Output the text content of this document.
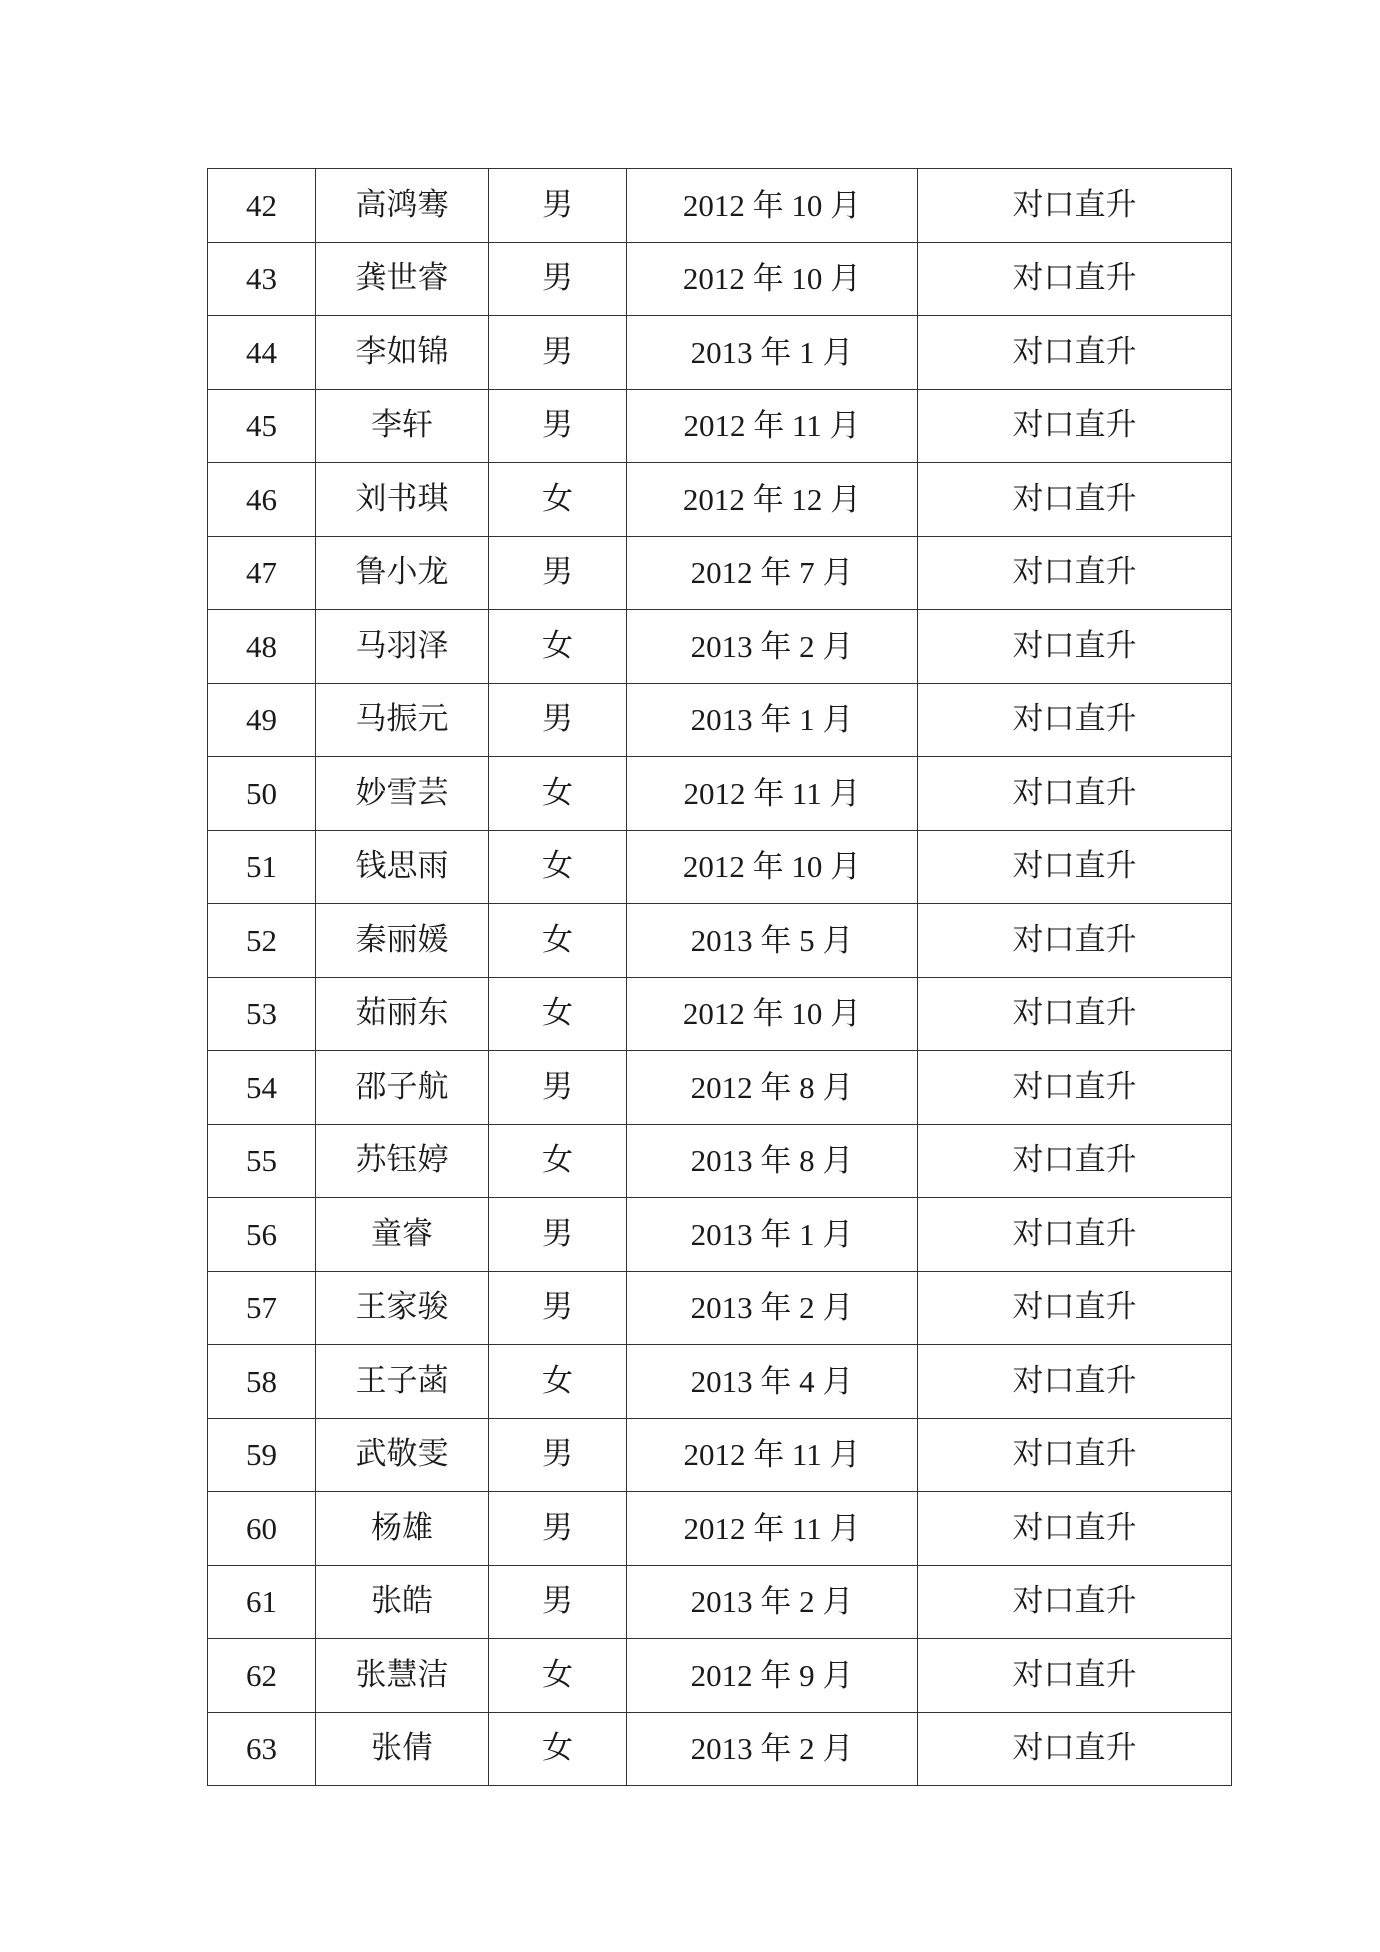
42	高鸿骞	男	2012 年 10 月	对口直升
43	龚世睿	男	2012 年 10 月	对口直升
44	李如锦	男	2013 年 1 月	对口直升
45	李轩	男	2012 年 11 月	对口直升
46	刘书琪	女	2012 年 12 月	对口直升
47	鲁小龙	男	2012 年 7 月	对口直升
48	马羽泽	女	2013 年 2 月	对口直升
49	马振元	男	2013 年 1 月	对口直升
50	妙雪芸	女	2012 年 11 月	对口直升
51	钱思雨	女	2012 年 10 月	对口直升
52	秦丽媛	女	2013 年 5 月	对口直升
53	茹丽东	女	2012 年 10 月	对口直升
54	邵子航	男	2012 年 8 月	对口直升
55	苏钰婷	女	2013 年 8 月	对口直升
56	童睿	男	2013 年 1 月	对口直升
57	王家骏	男	2013 年 2 月	对口直升
58	王子菡	女	2013 年 4 月	对口直升
59	武敬雯	男	2012 年 11 月	对口直升
60	杨雄	男	2012 年 11 月	对口直升
61	张皓	男	2013 年 2 月	对口直升
62	张慧洁	女	2012 年 9 月	对口直升
63	张倩	女	2013 年 2 月	对口直升
